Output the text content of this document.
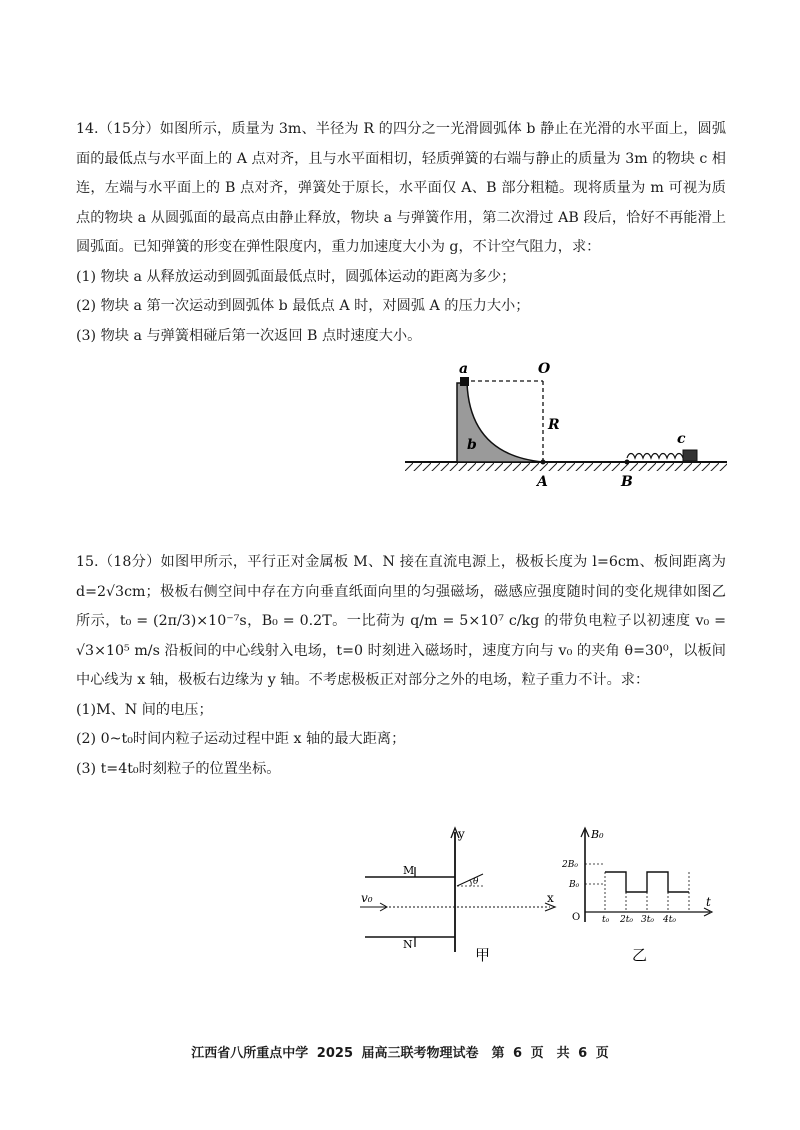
14.（15分）如图所示，质量为 3m、半径为 R 的四分之一光滑圆弧体 b 静止在光滑的水平面上，圆弧面的最低点与水平面上的 A 点对齐，且与水平面相切，轻质弹簧的右端与静止的质量为 3m 的物块 c 相连，左端与水平面上的 B 点对齐，弹簧处于原长，水平面仅 A、B 部分粗糙。现将质量为 m 可视为质点的物块 a 从圆弧面的最高点由静止释放，物块 a 与弹簧作用，第二次滑过 AB 段后，恰好不再能滑上圆弧面。已知弹簧的形变在弹性限度内，重力加速度大小为 g，不计空气阻力，求：

(1) 物块 a 从释放运动到圆弧面最低点时，圆弧体运动的距离为多少；

(2) 物块 a 第一次运动到圆弧体 b 最低点 A 时，对圆弧 A 的压力大小；

(3) 物块 a 与弹簧相碰后第一次返回 B 点时速度大小。

a	O
R
b
A	B
c

15.（18分）如图甲所示，平行正对金属板 M、N 接在直流电源上，极板长度为 l=6cm、板间距离为 d=2√3cm；极板右侧空间中存在方向垂直纸面向里的匀强磁场，磁感应强度随时间的变化规律如图乙所示，t₀ = (2π/3)×10⁻⁷s，B₀ = 0.2T。一比荷为 q/m = 5×10⁷ c/kg 的带负电粒子以初速度 v₀ = √3×10⁵ m/s 沿板间的中心线射入电场，t=0 时刻进入磁场时，速度方向与 v₀ 的夹角 θ=30⁰，以板间中心线为 x 轴，极板右边缘为 y 轴。不考虑极板正对部分之外的电场，粒子重力不计。求：

(1)M、N 间的电压；

(2) 0~t₀时间内粒子运动过程中距 x 轴的最大距离；

(3) t=4t₀时刻粒子的位置坐标。

y
x
M
N
v₀
θ
甲
B₀
t
2B₀
B₀
O t₀ 2t₀ 3t₀ 4t₀
乙
江西省八所重点中学 2025 届高三联考物理试卷　第 6 页　共 6 页
